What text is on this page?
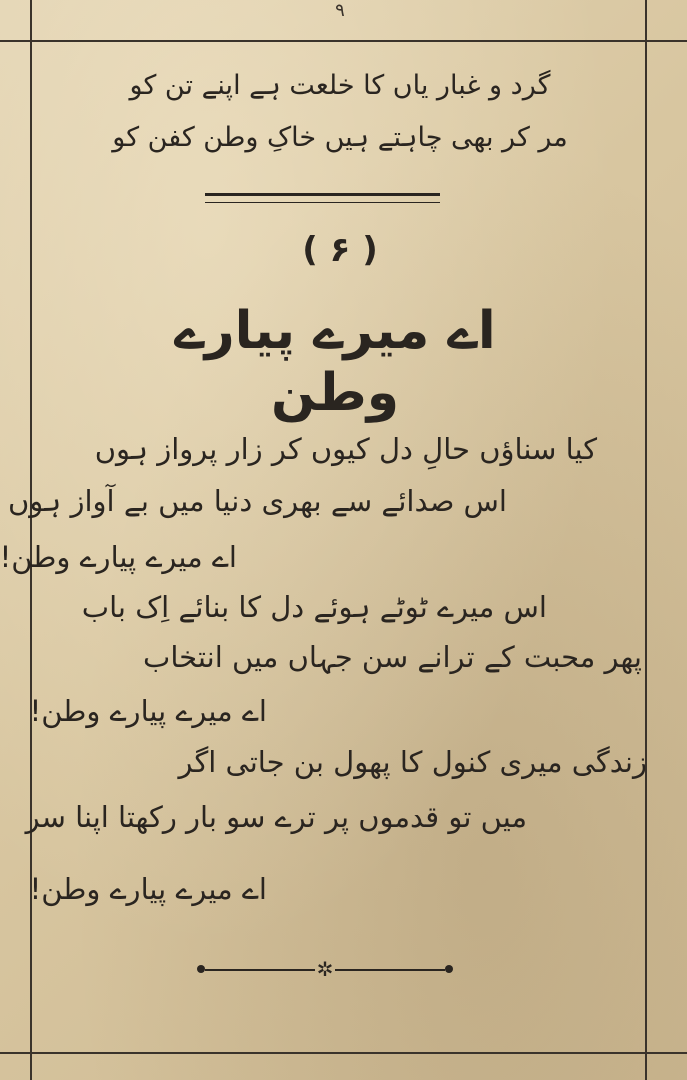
۹
گرد و غبار یاں کا خلعت ہے اپنے تن کو
مر کر بھی چاہتے ہیں خاکِ وطن کفن کو
( ۶ )
اے میرے پیارے وطن
کیا سناؤں حالِ دل کیوں کر زار پرواز ہوں
اس صدائے سے بھری دنیا میں بے آواز ہوں
اے میرے پیارے وطن!
اس میرے ٹوٹے ہوئے دل کا بنائے اِک باب
پھر محبت کے ترانے سن جہاں میں انتخاب
اے میرے پیارے وطن!
زندگی میری کنول کا پھول بن جاتی اگر
میں تو قدموں پر ترے سو بار رکھتا اپنا سر
اے میرے پیارے وطن!
✲
